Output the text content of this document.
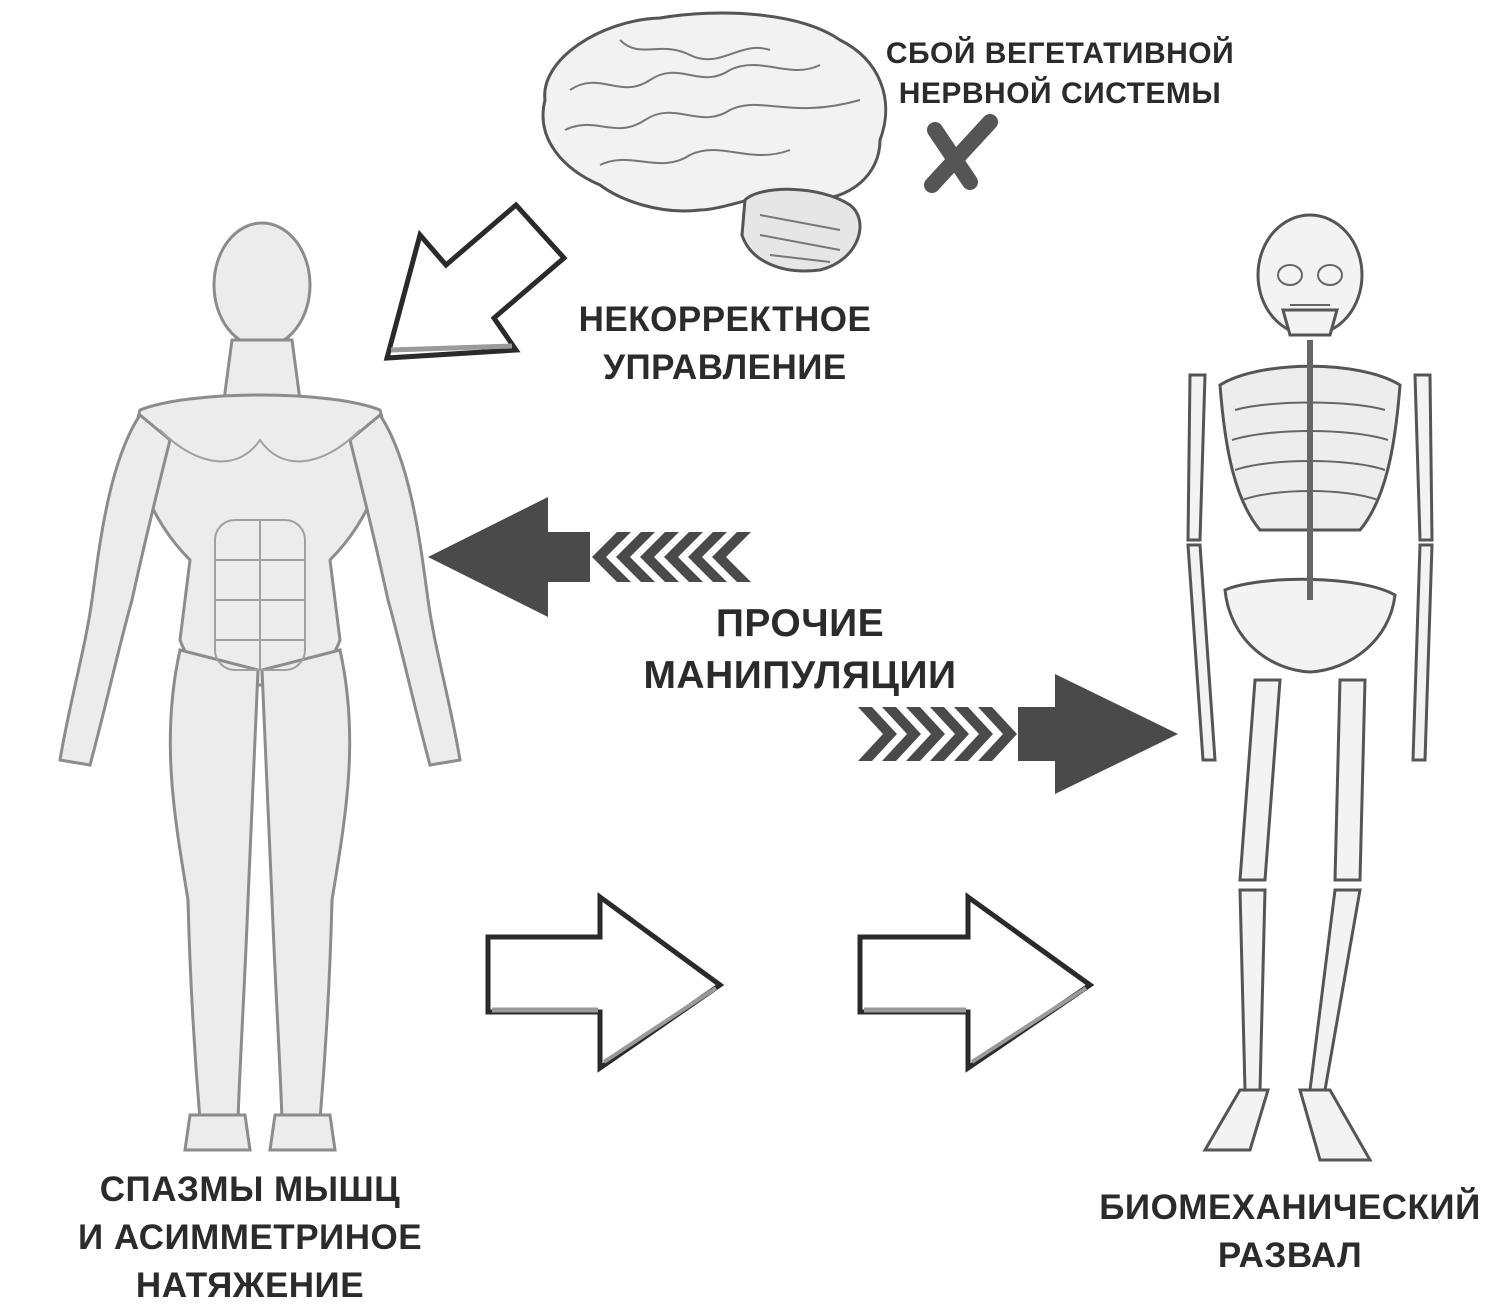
СБОЙ ВЕГЕТАТИВНОЙ
НЕРВНОЙ СИСТЕМЫ
НЕКОРРЕКТНОЕ
УПРАВЛЕНИЕ
ПРОЧИЕ
МАНИПУЛЯЦИИ
СПАЗМЫ МЫШЦ
И АСИММЕТРИНОЕ
НАТЯЖЕНИЕ
БИОМЕХАНИЧЕСКИЙ
РАЗВАЛ
